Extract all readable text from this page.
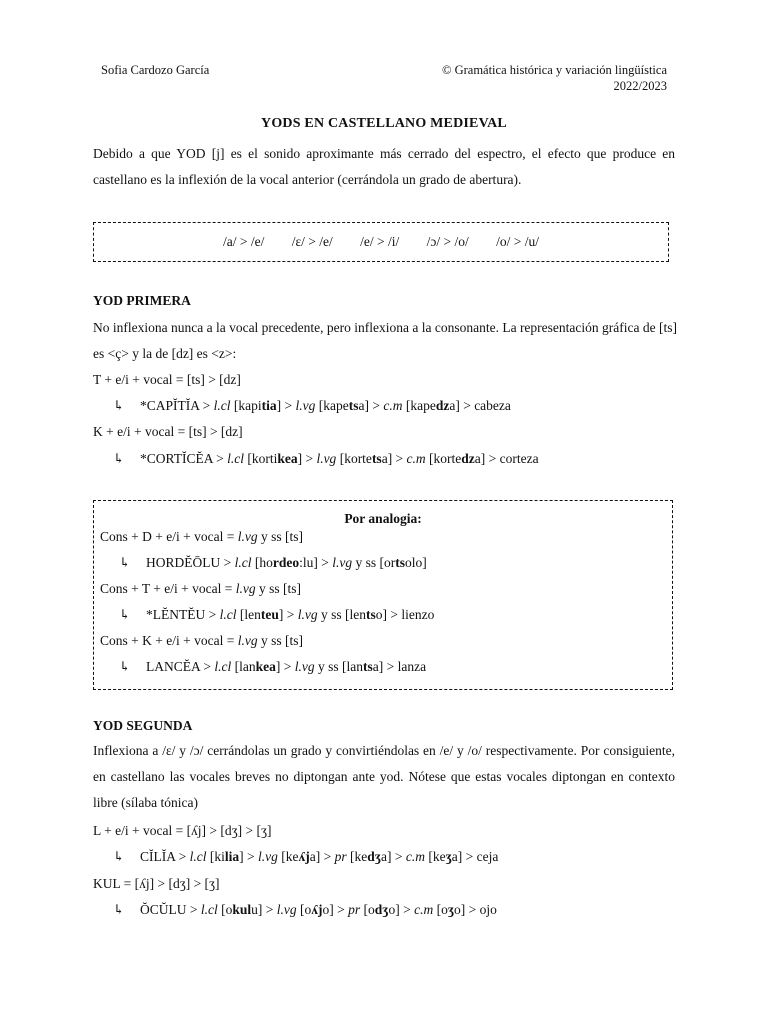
Sofia Cardozo García	© Gramática histórica y variación lingüística
2022/2023
YODS EN CASTELLANO MEDIEVAL
Debido a que YOD [j] es el sonido aproximante más cerrado del espectro, el efecto que produce en castellano es la inflexión de la vocal anterior (cerrándola un grado de abertura).
/a/ > /e/ /ɛ/ > /e/ /e/ > /i/ /ɔ/ > /o/ /o/ > /u/
YOD PRIMERA
No inflexiona nunca a la vocal precedente, pero inflexiona a la consonante. La representación gráfica de [ts]
es <ç> y la de [dz] es <z>:
T + e/i + vocal = [ts] > [dz]
↳ *CAPĬTĬA > l.cl [kapitia] > l.vg [kapetsa] > c.m [kapedza] > cabeza
K + e/i + vocal = [ts] > [dz]
↳ *CORTĬCĔA > l.cl [kortikea] > l.vg [kortetsa] > c.m [kortedza] > corteza
Por analogia:
Cons + D + e/i + vocal = l.vg y ss [ts]
↳ HORDĔŌLU > l.cl [hordeo:lu] > l.vg y ss [ortsolo]
Cons + T + e/i + vocal = l.vg y ss [ts]
↳ *LĔNTĔU > l.cl [lenteu] > l.vg y ss [lentso] > lienzo
Cons + K + e/i + vocal = l.vg y ss [ts]
↳ LANCĔA > l.cl [lankea] > l.vg y ss [lantsa] > lanza
YOD SEGUNDA
Inflexiona a /ɛ/ y /ɔ/ cerrándolas un grado y convirtiéndolas en /e/ y /o/ respectivamente. Por consiguiente, en castellano las vocales breves no diptongan ante yod. Nótese que estas vocales diptongan en contexto libre (sílaba tónica)
L + e/i + vocal = [ʎj] > [dʒ] > [ʒ]
↳ CĬLĬA > l.cl [kilia] > l.vg [keʎja] > pr [kedʒa] > c.m [keʒa] > ceja
KUL = [ʎj] > [dʒ] > [ʒ]
↳ ŎCŬLU > l.cl [okulu] > l.vg [oʎjo] > pr [odʒo] > c.m [oʒo] > ojo
